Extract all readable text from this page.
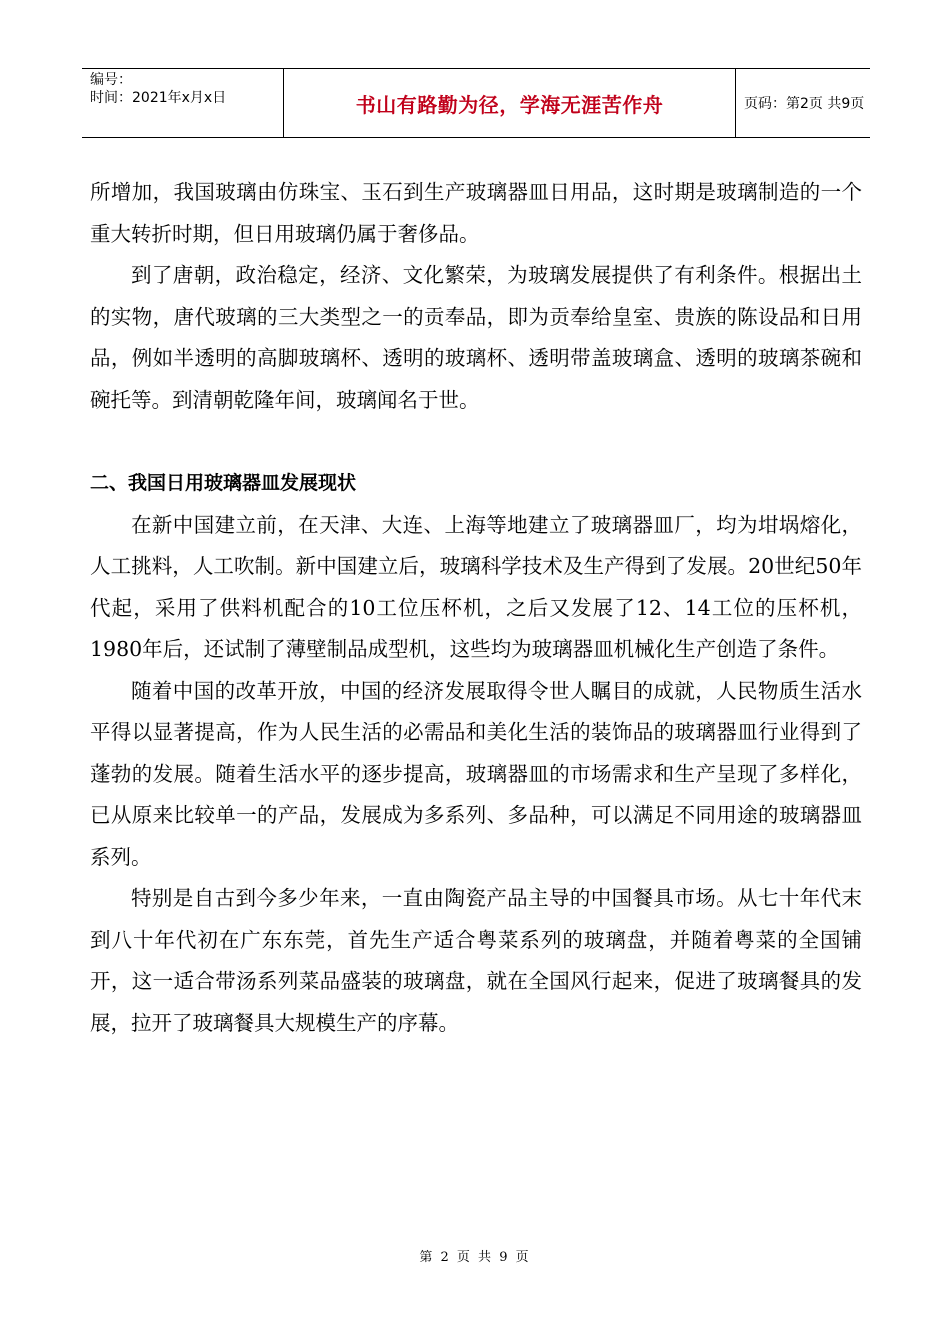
编号：
时间：2021年x月x日	书山有路勤为径，学海无涯苦作舟	页码：第2页 共9页

所增加，我国玻璃由仿珠宝、玉石到生产玻璃器皿日用品，这时期是玻璃制造的一个重大转折时期，但日用玻璃仍属于奢侈品。

到了唐朝，政治稳定，经济、文化繁荣，为玻璃发展提供了有利条件。根据出土的实物，唐代玻璃的三大类型之一的贡奉品，即为贡奉给皇室、贵族的陈设品和日用品，例如半透明的高脚玻璃杯、透明的玻璃杯、透明带盖玻璃盒、透明的玻璃茶碗和碗托等。到清朝乾隆年间，玻璃闻名于世。

二、我国日用玻璃器皿发展现状

在新中国建立前，在天津、大连、上海等地建立了玻璃器皿厂，均为坩埚熔化，人工挑料，人工吹制。新中国建立后，玻璃科学技术及生产得到了发展。20世纪50年代起，采用了供料机配合的10工位压杯机，之后又发展了12、14工位的压杯机，1980年后，还试制了薄壁制品成型机，这些均为玻璃器皿机械化生产创造了条件。

随着中国的改革开放，中国的经济发展取得令世人瞩目的成就，人民物质生活水平得以显著提高，作为人民生活的必需品和美化生活的装饰品的玻璃器皿行业得到了蓬勃的发展。随着生活水平的逐步提高，玻璃器皿的市场需求和生产呈现了多样化，已从原来比较单一的产品，发展成为多系列、多品种，可以满足不同用途的玻璃器皿系列。

特别是自古到今多少年来，一直由陶瓷产品主导的中国餐具市场。从七十年代末到八十年代初在广东东莞，首先生产适合粤菜系列的玻璃盘，并随着粤菜的全国铺开，这一适合带汤系列菜品盛装的玻璃盘，就在全国风行起来，促进了玻璃餐具的发展，拉开了玻璃餐具大规模生产的序幕。

第 2 页 共 9 页
